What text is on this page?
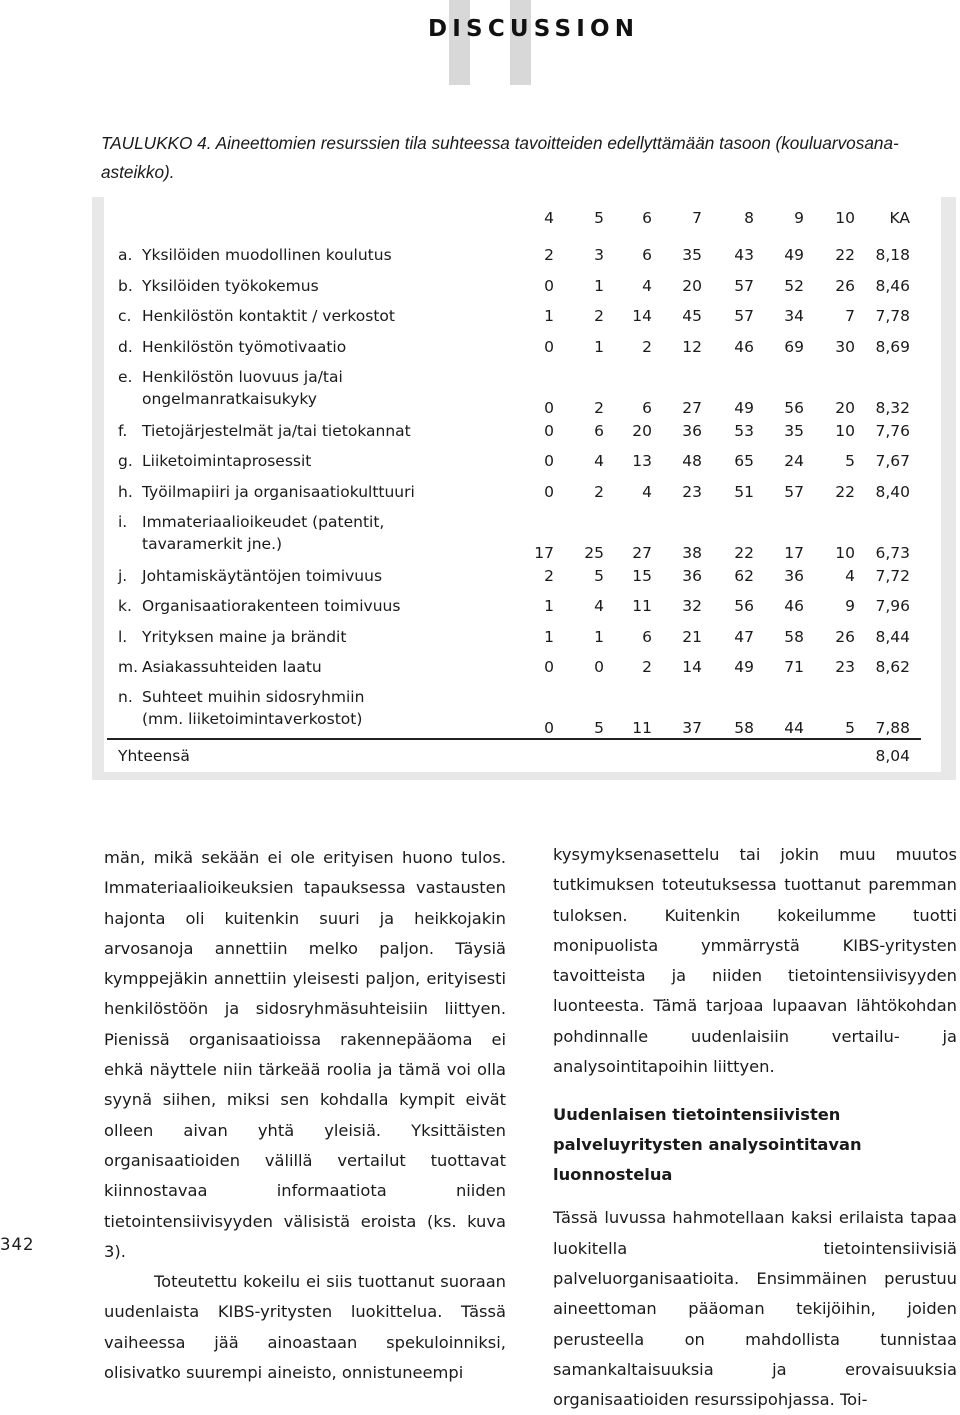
DISCUSSION
TAULUKKO 4. Aineettomien resurssien tila suhteessa tavoitteiden edellyttämään tasoon (kouluarvosana-asteikko).
4	5 6	7	8	9 10 KA
a. Yksilöiden muodollinen koulutus	2	3 6 35 43 49 22 8,18
b. Yksilöiden työkokemus	0	1 4 20 57 52 26 8,46
c. Henkilöstön kontaktit / verkostot	1	2 14 45 57 34	7 7,78
d. Henkilöstön työmotivaatio	0	1 2 12 46 69 30 8,69
e. Henkilöstön luovuus ja/tai
ongelmanratkaisukyky	0	2 6 27 49 56 20 8,32
f. Tietojärjestelmät ja/tai tietokannat	0	6 20 36 53 35 10 7,76
g. Liiketoimintaprosessit	0	4 13 48 65 24	5 7,67
h. Työilmapiiri ja organisaatiokulttuuri	0	2 4 23 51 57 22 8,40
i. Immateriaalioikeudet (patentit,
tavaramerkit jne.)	17 25 27 38 22 17 10 6,73
j. Johtamiskäytäntöjen toimivuus	2	5 15 36 62 36	4 7,72
k. Organisaatiorakenteen toimivuus	1	4 11 32 56 46	9 7,96
l. Yrityksen maine ja brändit	1	1 6 21 47 58 26 8,44
m. Asiakassuhteiden laatu	0	0 2 14 49 71 23 8,62
n. Suhteet muihin sidosryhmiin
(mm. liiketoimintaverkostot)	0	5 11 37 58 44	5 7,88
Yhteensä	8,04

män, mikä sekään ei ole erityisen huono tulos. Immateriaalioikeuksien tapauksessa vastausten hajonta oli kuitenkin suuri ja heikkojakin arvosanoja annettiin melko paljon. Täysiä kymppejäkin annettiin yleisesti paljon, erityisesti henkilöstöön ja sidosryhmäsuhteisiin liittyen. Pienissä organisaatioissa rakennepääoma ei ehkä näyttele niin tärkeää roolia ja tämä voi olla syynä siihen, miksi sen kohdalla kympit eivät olleen aivan yhtä yleisiä. Yksittäisten organisaatioiden välillä vertailut tuottavat kiinnostavaa informaatiota niiden tietointensiivisyyden välisistä eroista (ks. kuva 3).

Toteutettu kokeilu ei siis tuottanut suoraan uudenlaista KIBS-yritysten luokittelua. Tässä vaiheessa jää ainoastaan spekuloinniksi, olisivatko suurempi aineisto, onnistuneempi

kysymyksenasettelu tai jokin muu muutos tutkimuksen toteutuksessa tuottanut paremman tuloksen. Kuitenkin kokeilumme tuotti monipuolista ymmärrystä KIBS-yritysten tavoitteista ja niiden tietointensiivisyyden luonteesta. Tämä tarjoaa lupaavan lähtökohdan pohdinnalle uudenlaisiin vertailu- ja analysointitapoihin liittyen.

Uudenlaisen tietointensiivisten palveluyritysten analysointitavan luonnostelua

Tässä luvussa hahmotellaan kaksi erilaista tapaa luokitella tietointensiivisiä palveluorganisaatioita. Ensimmäinen perustuu aineettoman pääoman tekijöihin, joiden perusteella on mahdollista tunnistaa samankaltaisuuksia ja erovaisuuksia organisaatioiden resurssipohjassa. Toi-

342
